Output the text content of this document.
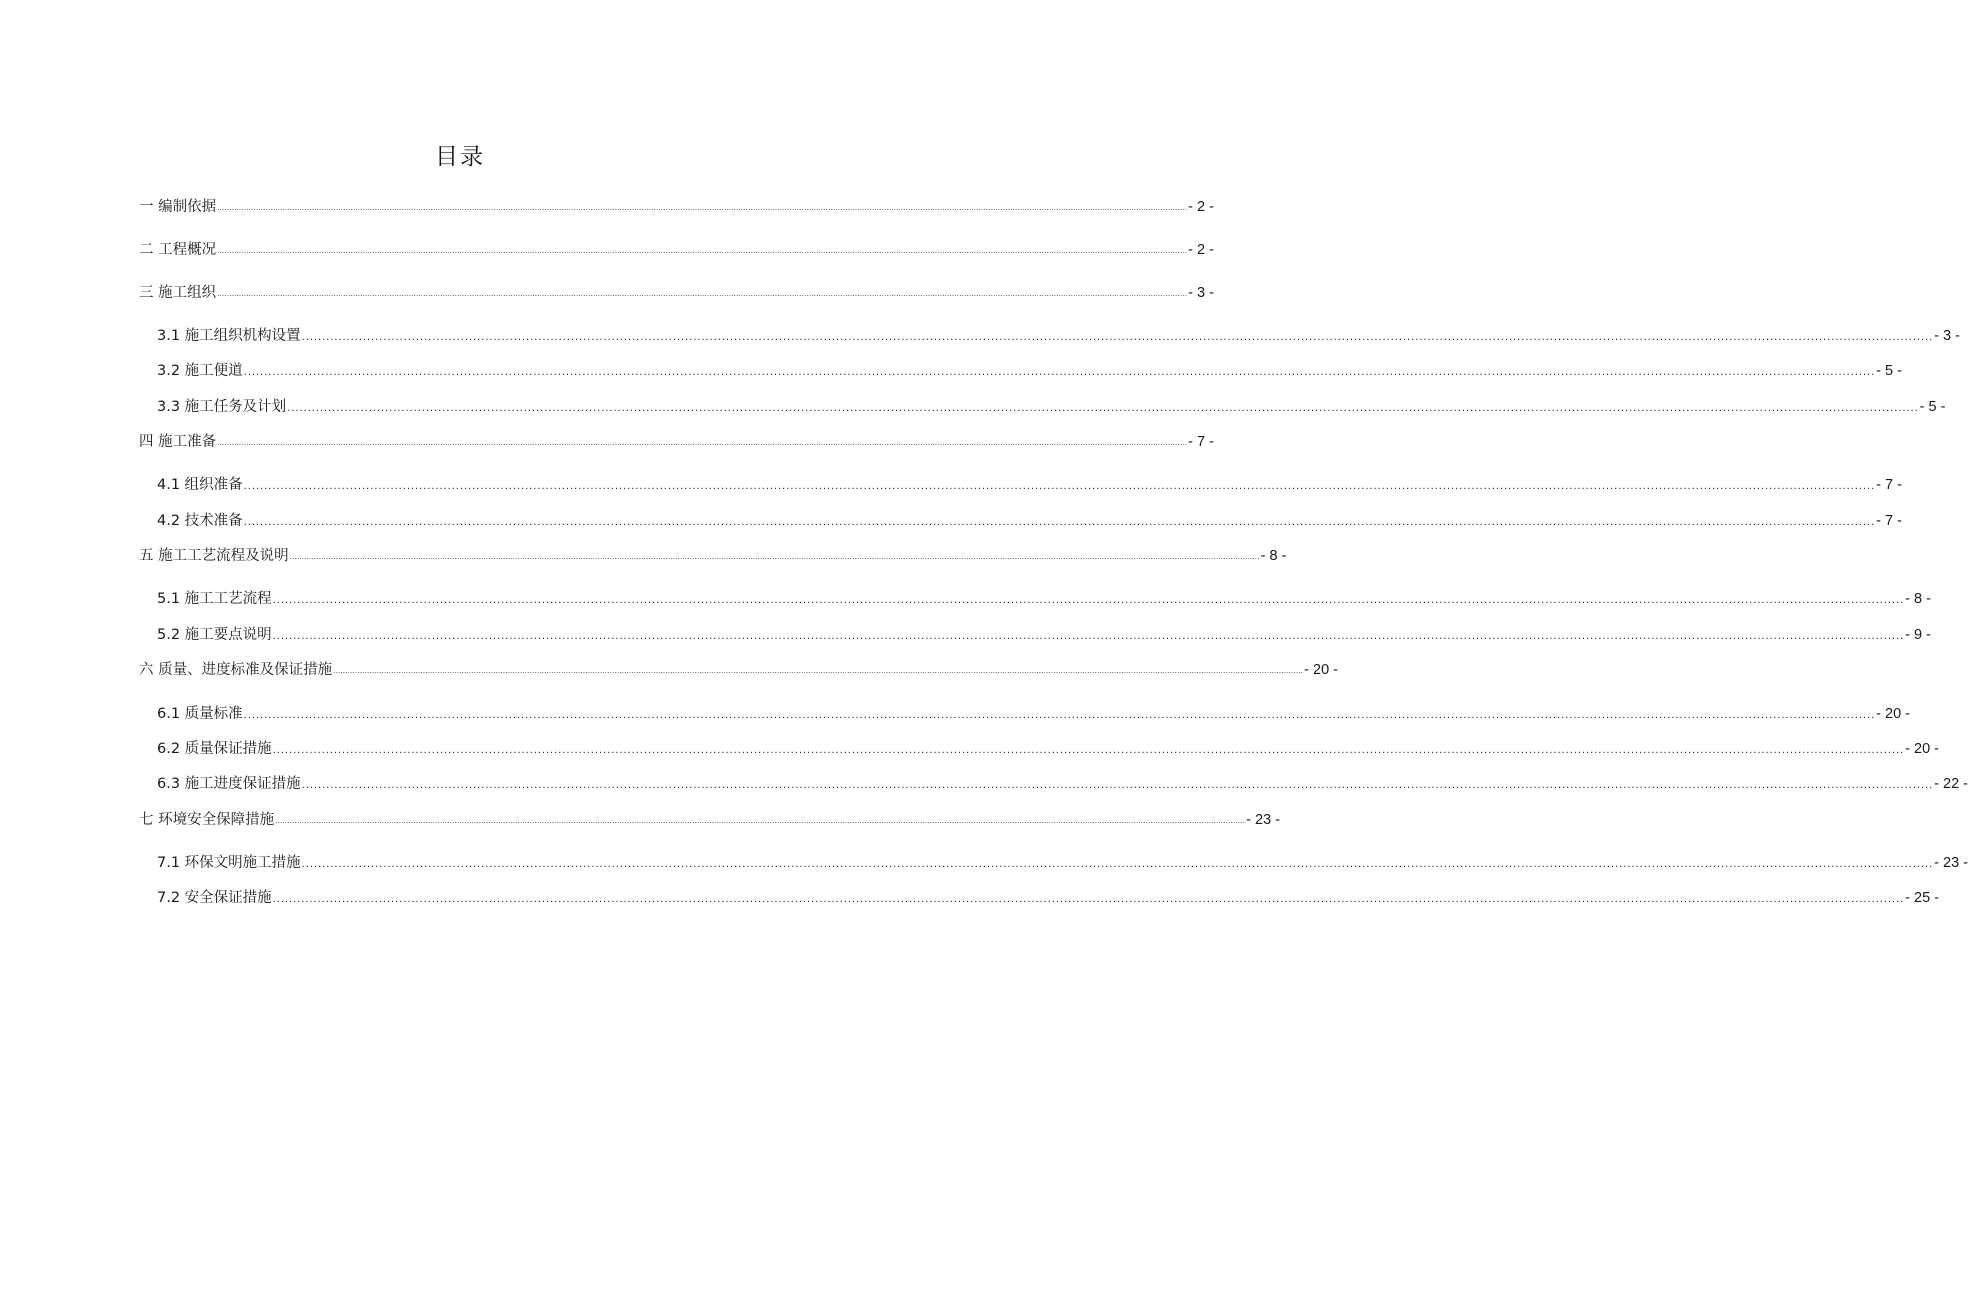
目录
一 编制依据 ................................................................................................................................................................................................................................................................................................................................................................................................................ - 2 -
二 工程概况 ................................................................................................................................................................................................................................................................................................................................................................................................................ - 2 -
三 施工组织 ................................................................................................................................................................................................................................................................................................................................................................................................................ - 3 -
3.1 施工组织机构设置 ................................................................................................................................................................................................................................................................................................................................................................................................................ - 3 -
3.2 施工便道 ................................................................................................................................................................................................................................................................................................................................................................................................................ - 5 -
3.3 施工任务及计划 ................................................................................................................................................................................................................................................................................................................................................................................................................ - 5 -
四 施工准备 ................................................................................................................................................................................................................................................................................................................................................................................................................ - 7 -
4.1 组织准备 ................................................................................................................................................................................................................................................................................................................................................................................................................ - 7 -
4.2 技术准备 ................................................................................................................................................................................................................................................................................................................................................................................................................ - 7 -
五 施工工艺流程及说明 ................................................................................................................................................................................................................................................................................................................................................................................................................ - 8 -
5.1 施工工艺流程 ................................................................................................................................................................................................................................................................................................................................................................................................................ - 8 -
5.2 施工要点说明 ................................................................................................................................................................................................................................................................................................................................................................................................................ - 9 -
六 质量、进度标准及保证措施 ................................................................................................................................................................................................................................................................................................................................................................................................................ - 20 -
6.1 质量标准 ................................................................................................................................................................................................................................................................................................................................................................................................................ - 20 -
6.2 质量保证措施 ................................................................................................................................................................................................................................................................................................................................................................................................................ - 20 -
6.3 施工进度保证措施 ................................................................................................................................................................................................................................................................................................................................................................................................................ - 22 -
七 环境安全保障措施 ................................................................................................................................................................................................................................................................................................................................................................................................................ - 23 -
7.1 环保文明施工措施 ................................................................................................................................................................................................................................................................................................................................................................................................................ - 23 -
7.2 安全保证措施 ................................................................................................................................................................................................................................................................................................................................................................................................................ - 25 -
